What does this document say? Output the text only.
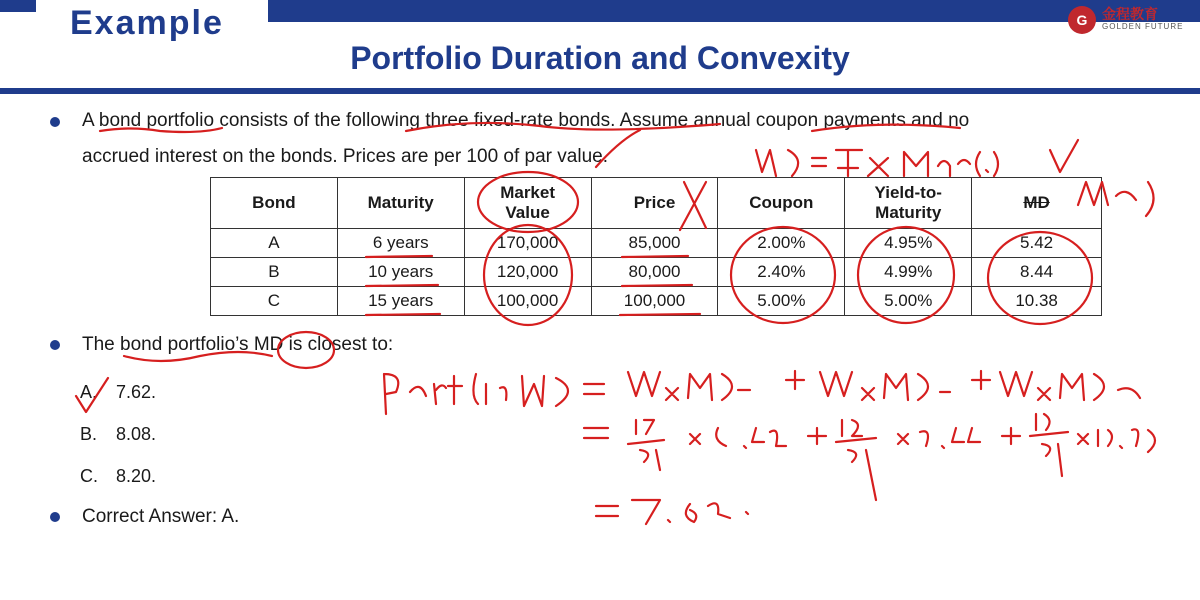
Example
Portfolio Duration and Convexity
G	金程教育
GOLDEN FUTURE
A bond portfolio consists of the following three fixed-rate bonds. Assume annual coupon payments and no
accrued interest on the bonds. Prices are per 100 of par value.
Bond	Maturity	Market Value	Price	Coupon	Yield-to-Maturity	MD
A	6 years	170,000	85,000	2.00%	4.95%	5.42
B	10 years	120,000	80,000	2.40%	4.99%	8.44
C	15 years	100,000	100,000	5.00%	5.00%	10.38
The bond portfolio’s MD is closest to:
A. 7.62.
B. 8.08.
C. 8.20.
Correct Answer: A.
